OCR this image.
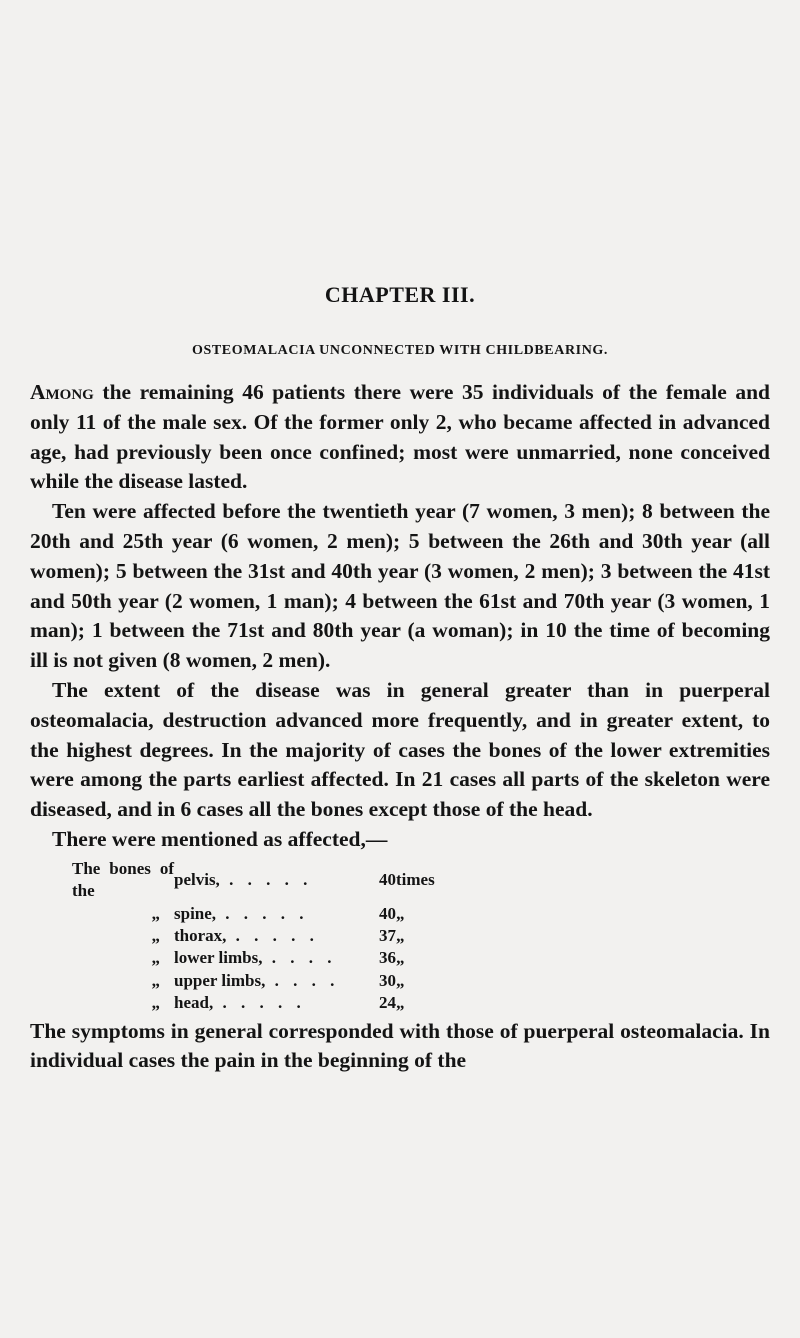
CHAPTER III.
OSTEOMALACIA UNCONNECTED WITH CHILDBEARING.

Among the remaining 46 patients there were 35 individuals of the female and only 11 of the male sex. Of the former only 2, who became affected in advanced age, had previously been once confined; most were unmarried, none conceived while the disease lasted.

Ten were affected before the twentieth year (7 women, 3 men); 8 between the 20th and 25th year (6 women, 2 men); 5 between the 26th and 30th year (all women); 5 between the 31st and 40th year (3 women, 2 men); 3 between the 41st and 50th year (2 women, 1 man); 4 between the 61st and 70th year (3 women, 1 man); 1 between the 71st and 80th year (a woman); in 10 the time of becoming ill is not given (8 women, 2 men).

The extent of the disease was in general greater than in puerperal osteomalacia, destruction advanced more frequently, and in greater extent, to the highest degrees. In the majority of cases the bones of the lower extremities were among the parts earliest affected. In 21 cases all parts of the skeleton were diseased, and in 6 cases all the bones except those of the head.

There were mentioned as affected,—

The bones of the	pelvis, . . . . .	40	times
„	spine, . . . . .	40	„
„	thorax, . . . . .	37	„
„	lower limbs, . . . .	36	„
„	upper limbs, . . . .	30	„
„	head, . . . . .	24	„

The symptoms in general corresponded with those of puerperal osteomalacia. In individual cases the pain in the beginning of the
